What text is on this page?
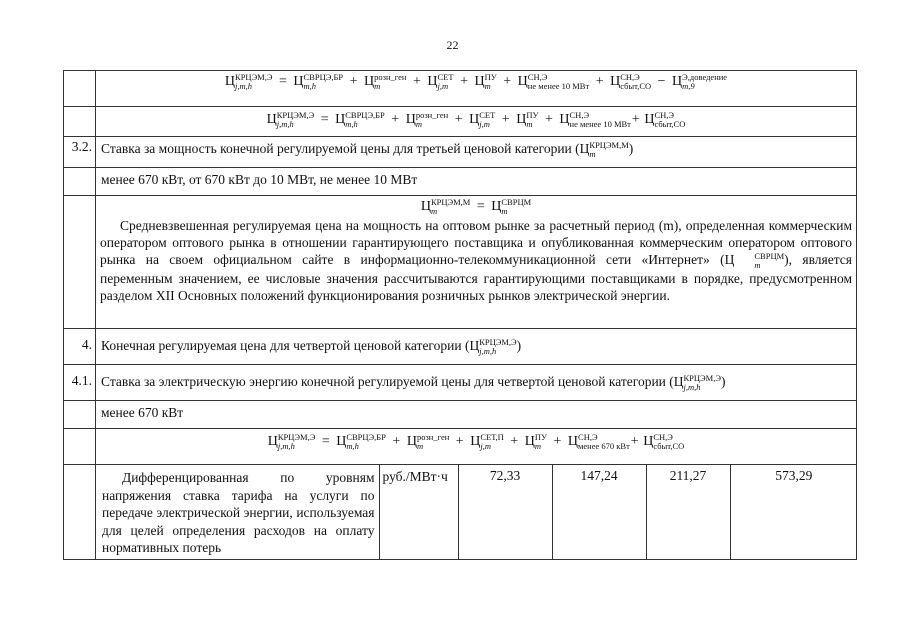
22
	Ц КРЦЭМ,Э
j,m,h	= Ц СВРЦЭ,БР
m,h	+ Ц розн_ген
m	+ Ц СЕТ
j,m + Ц ПУ
m + Ц СН,Э
не менее 10 МВт + Ц СН,Э
сбыт,СО − Ц Э,доведение
m,9

	Ц КРЦЭМ,Э
j,m,h	= Ц СВРЦЭ,БР
m,h	+ Ц розн_ген
m	+ Ц СЕТ
j,m + Ц ПУ
m + Ц СН,Э
не менее 10 МВт + Ц СН,Э
сбыт,СО

3.2.	Ставка за мощность конечной регулируемой цены для третьей ценовой категории (Ц КРЦЭМ,М
m	)
	менее 670 кВт, от 670 кВт до 10 МВт, не менее 10 МВт

Ц КРЦЭМ,М
m	= Ц СВРЦМ
m
Средневзвешенная регулируемая цена на мощность на оптовом рынке за расчетный период (m), определенная коммерческим оператором оптового рынка в отношении гарантирующего поставщика и опубликованная коммерческим оператором оптового рынка на своем официальном сайте в информационно-телекоммуникационной сети «Интернет» (Ц	СВРЦМ
m	), является переменным значением, ее числовые значения рассчитываются гарантирующими поставщиками в порядке, предусмотренном разделом XII Основных положений функционирования розничных рынков электрической энергии.

4.	Конечная регулируемая цена для четвертой ценовой категории (Ц КРЦЭМ,Э
j,m,h	)
4.1.	Ставка за электрическую энергию конечной регулируемой цены для четвертой ценовой категории (Ц КРЦЭМ,Э
j,m,h	)
	менее 670 кВт
	Ц КРЦЭМ,Э
j,m,h	= Ц СВРЦЭ,БР
m,h	+ Ц розн_ген
m	+ Ц СЕТ,П
j,m	+ Ц ПУ
m + Ц СН,Э
менее 670 кВт + Ц СН,Э
сбыт,СО

Дифференцированная по уровням напряжения ставка тарифа на услуги по передаче электрической энергии, используемая для целей определения расходов на оплату нормативных потерь	руб./МВт·ч	72,33	147,24	211,27	573,29
